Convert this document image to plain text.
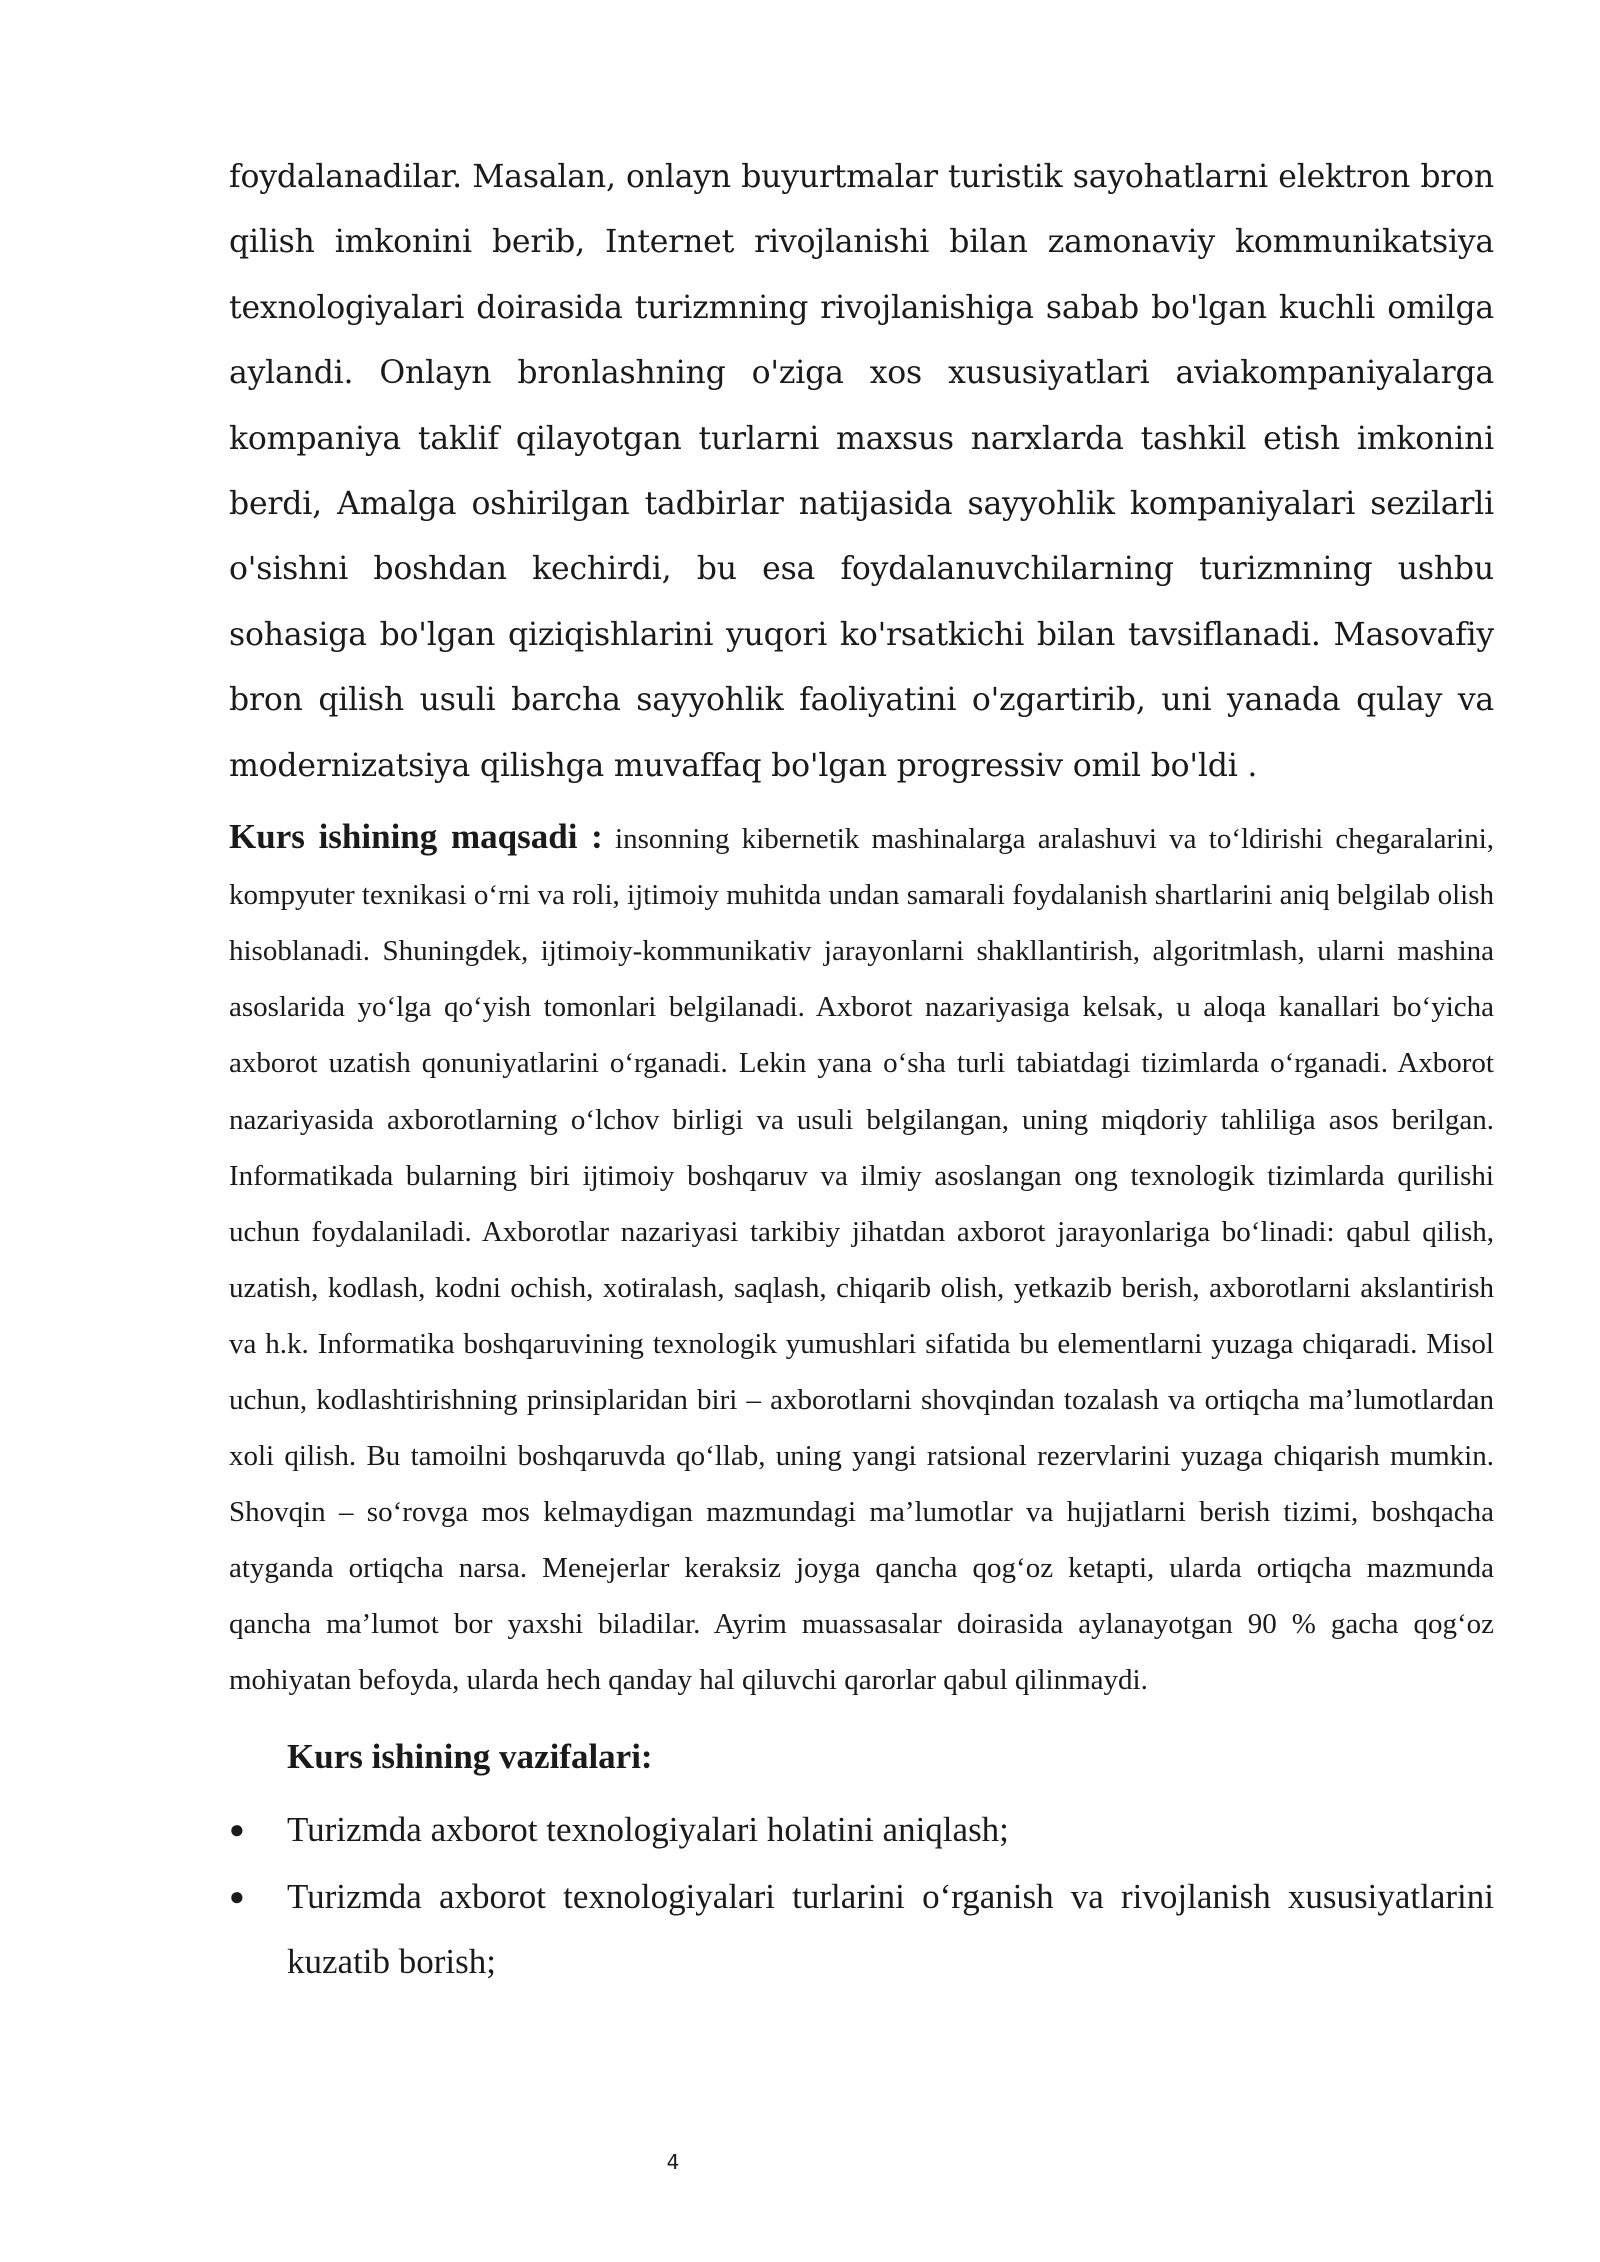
foydalanadilar. Masalan, onlayn buyurtmalar turistik sayohatlarni elektron bron qilish imkonini berib, Internet rivojlanishi bilan zamonaviy kommunikatsiya texnologiyalari doirasida turizmning rivojlanishiga sabab bo'lgan kuchli omilga aylandi. Onlayn bronlashning o'ziga xos xususiyatlari aviakompaniyalarga kompaniya taklif qilayotgan turlarni maxsus narxlarda tashkil etish imkonini berdi, Amalga oshirilgan tadbirlar natijasida sayyohlik kompaniyalari sezilarli o'sishni boshdan kechirdi, bu esa foydalanuvchilarning turizmning ushbu sohasiga bo'lgan qiziqishlarini yuqori ko'rsatkichi bilan tavsiflanadi. Masovafiy bron qilish usuli barcha sayyohlik faoliyatini o'zgartirib, uni yanada qulay va modernizatsiya qilishga muvaffaq bo'lgan progressiv omil bo'ldi .

Kurs ishining maqsadi : insonning kibernetik mashinalarga aralashuvi va to‘ldirishi chegaralarini, kompyuter texnikasi o‘rni va roli, ijtimoiy muhitda undan samarali foydalanish shartlarini aniq belgilab olish hisoblanadi. Shuningdek, ijtimoiy-kommunikativ jarayonlarni shakllantirish, algoritmlash, ularni mashina asoslarida yo‘lga qo‘yish tomonlari belgilanadi. Axborot nazariyasiga kelsak, u aloqa kanallari bo‘yicha axborot uzatish qonuniyatlarini o‘rganadi. Lekin yana o‘sha turli tabiatdagi tizimlarda o‘rganadi. Axborot nazariyasida axborotlarning o‘lchov birligi va usuli belgilangan, uning miqdoriy tahliliga asos berilgan. Informatikada bularning biri ijtimoiy boshqaruv va ilmiy asoslangan ong texnologik tizimlarda qurilishi uchun foydalaniladi. Axborotlar nazariyasi tarkibiy jihatdan axborot jarayonlariga bo‘linadi: qabul qilish, uzatish, kodlash, kodni ochish, xotiralash, saqlash, chiqarib olish, yetkazib berish, axborotlarni akslantirish va h.k. Informatika boshqaruvining texnologik yumushlari sifatida bu elementlarni yuzaga chiqaradi. Misol uchun, kodlashtirishning prinsiplaridan biri – axborotlarni shovqindan tozalash va ortiqcha ma’lumotlardan xoli qilish. Bu tamoilni boshqaruvda qo‘llab, uning yangi ratsional rezervlarini yuzaga chiqarish mumkin. Shovqin – so‘rovga mos kelmaydigan mazmundagi ma’lumotlar va hujjatlarni berish tizimi, boshqacha atyganda ortiqcha narsa. Menejerlar keraksiz joyga qancha qog‘oz ketapti, ularda ortiqcha mazmunda qancha ma’lumot bor yaxshi biladilar. Ayrim muassasalar doirasida aylanayotgan 90 % gacha qog‘oz mohiyatan befoyda, ularda hech qanday hal qiluvchi qarorlar qabul qilinmaydi.

Kurs ishining vazifalari:
● Turizmda axborot texnologiyalari holatini aniqlash;
● Turizmda axborot texnologiyalari turlarini o‘rganish va rivojlanish xususiyatlarini kuzatib borish;
4
